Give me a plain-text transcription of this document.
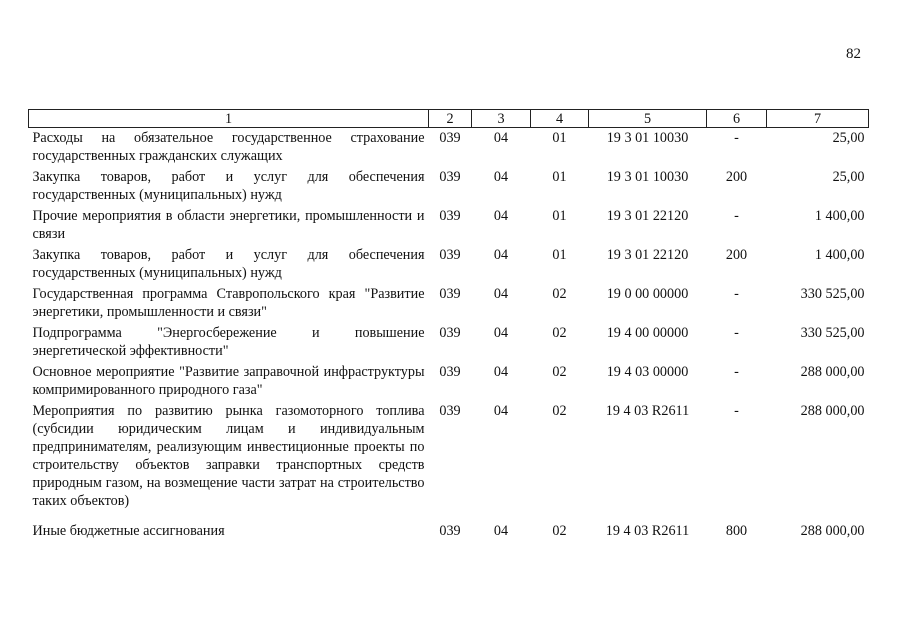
82
1	2	3	4	5	6	7
Расходы на обязательное государственное страхование государственных гражданских служащих	039	04	01	19 3 01 10030	-	25,00
Закупка товаров, работ и услуг для обеспечения государственных (муниципальных) нужд	039	04	01	19 3 01 10030	200	25,00
Прочие мероприятия в области энергетики, промышленности и связи	039	04	01	19 3 01 22120	-	1 400,00
Закупка товаров, работ и услуг для обеспечения государственных (муниципальных) нужд	039	04	01	19 3 01 22120	200	1 400,00
Государственная программа Ставропольского края "Развитие энергетики, промышленности и связи"	039	04	02	19 0 00 00000	-	330 525,00
Подпрограмма "Энергосбережение и повышение энергетической эффективности"	039	04	02	19 4 00 00000	-	330 525,00
Основное мероприятие "Развитие заправочной инфраструктуры компримированного природного газа"	039	04	02	19 4 03 00000	-	288 000,00
Мероприятия по развитию рынка газомоторного топлива (субсидии юридическим лицам и индивидуальным предпринимателям, реализующим инвестиционные проекты по строительству объектов заправки транспортных средств природным газом, на возмещение части затрат на строительство таких объектов)	039	04	02	19 4 03 R2611	-	288 000,00
Иные бюджетные ассигнования	039	04	02	19 4 03 R2611	800	288 000,00
